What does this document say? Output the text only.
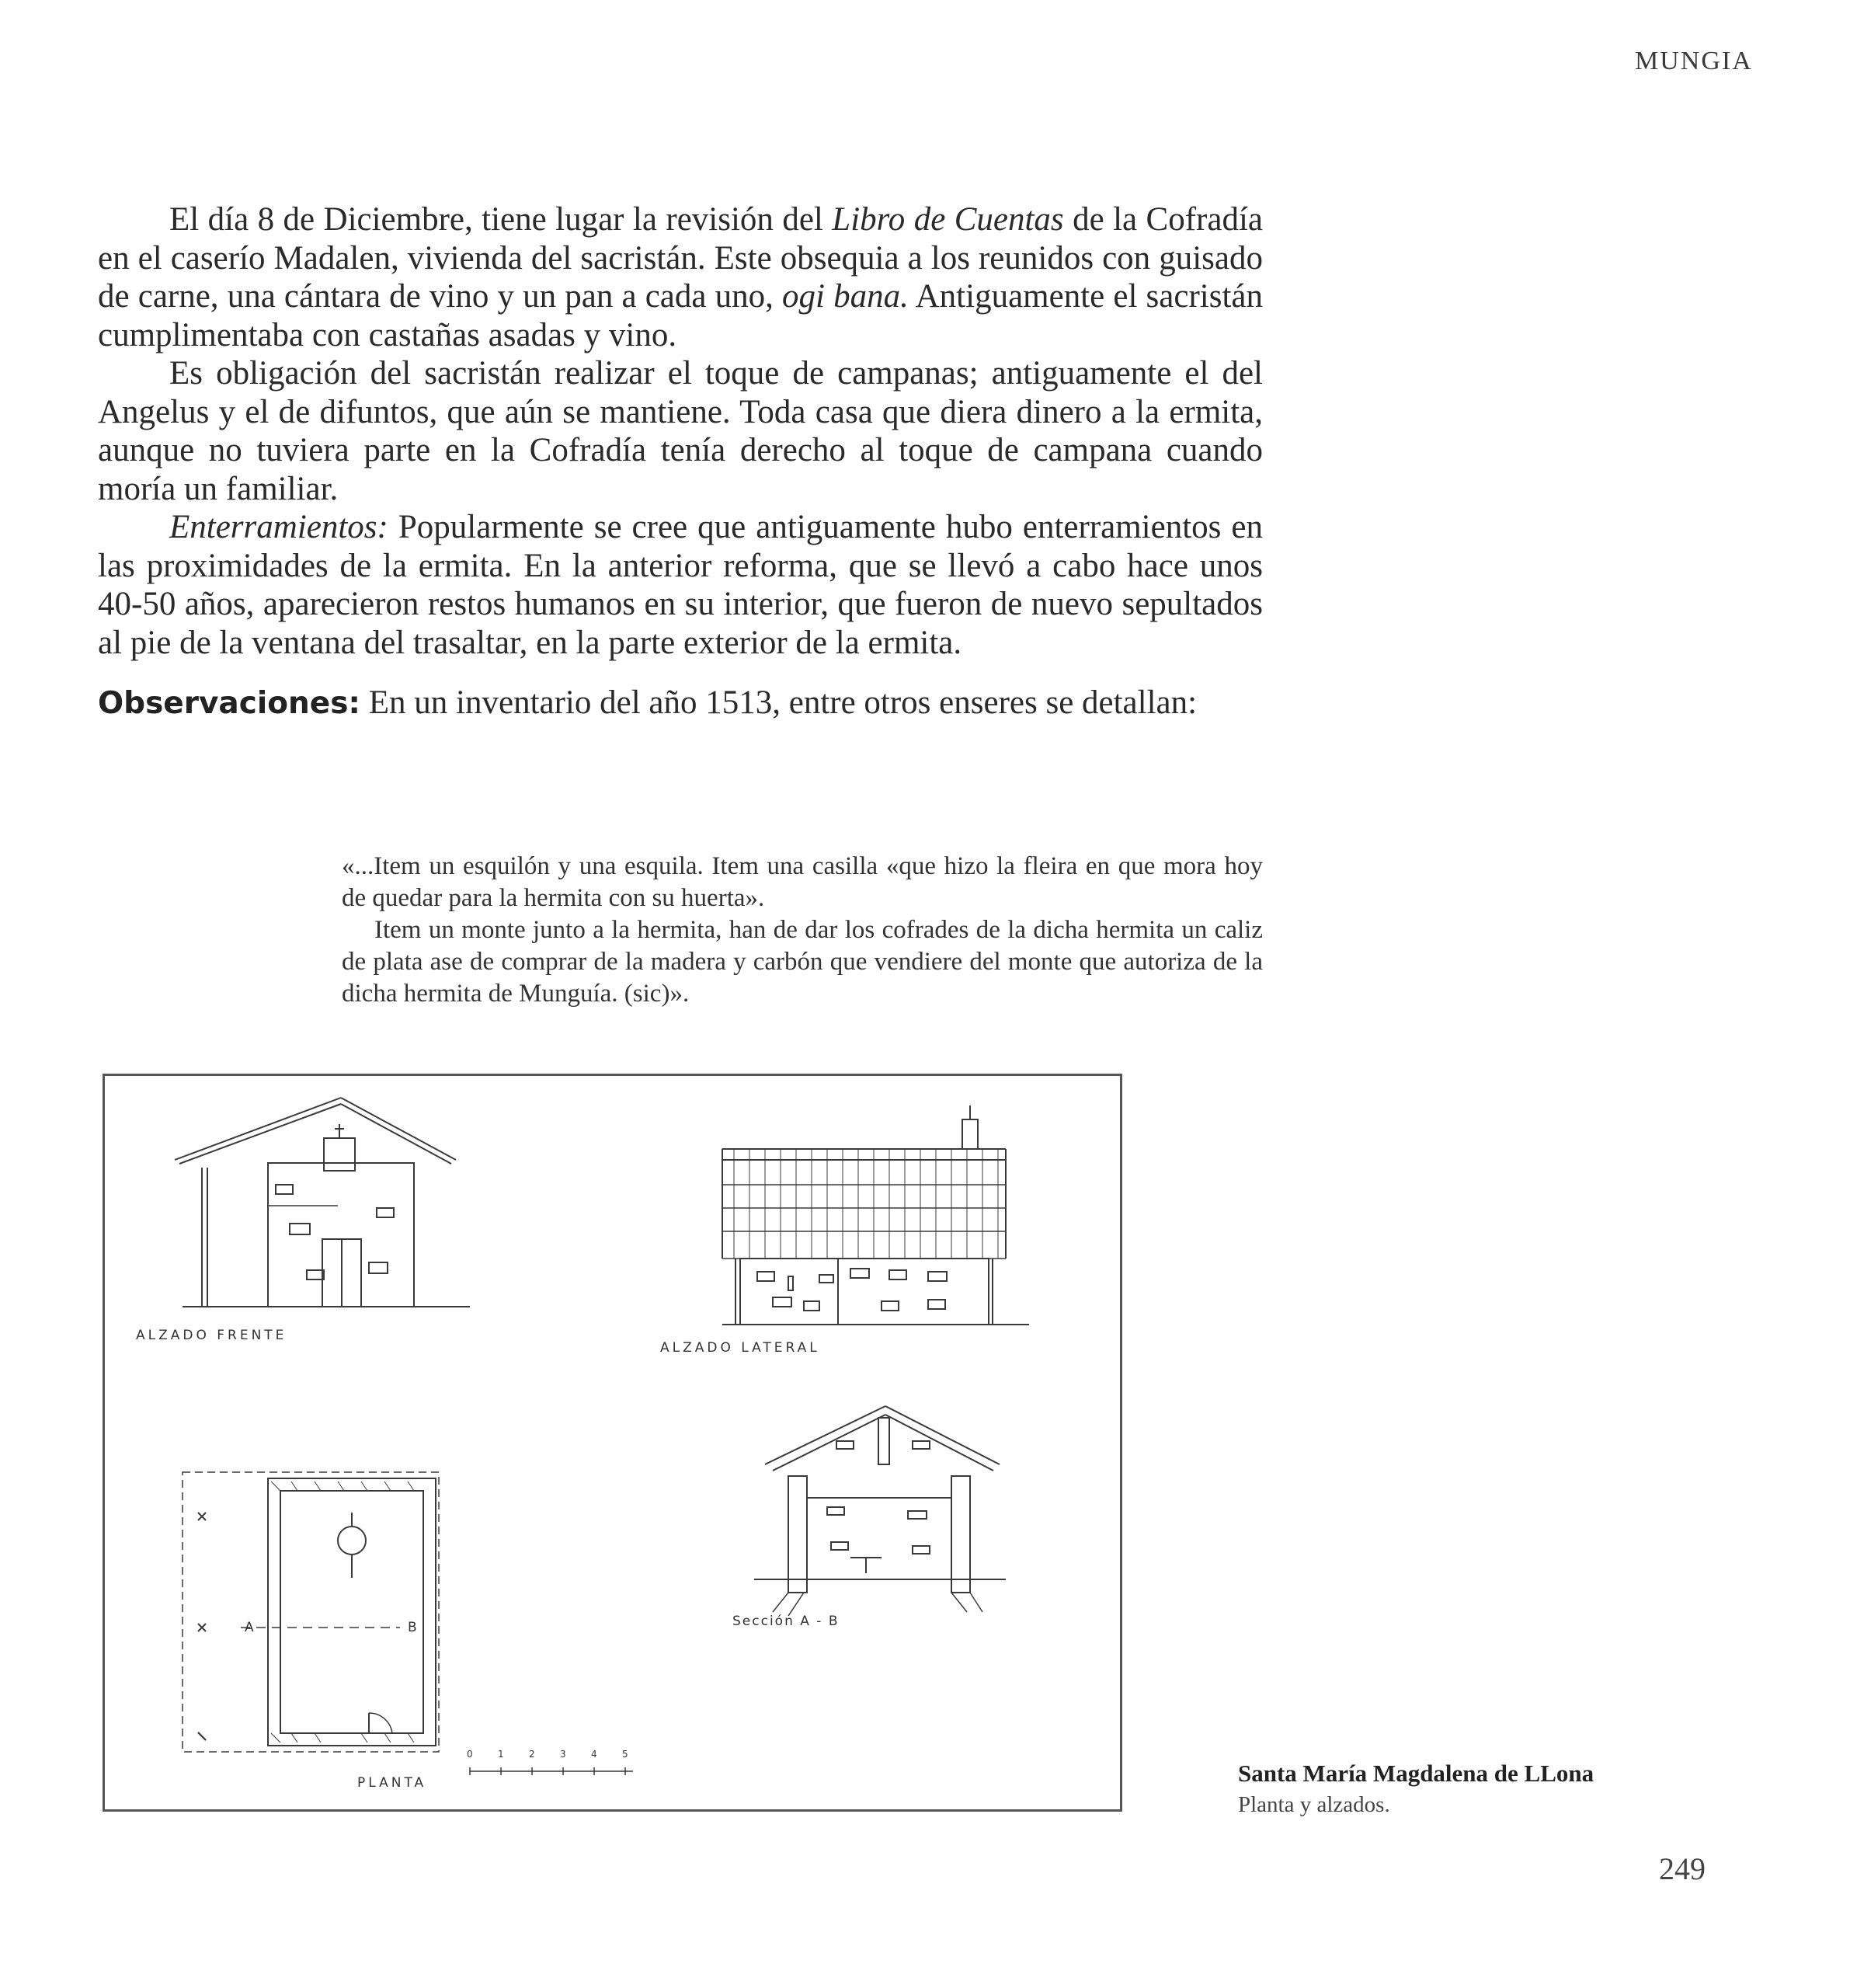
MUNGIA

El día 8 de Diciembre, tiene lugar la revisión del Libro de Cuentas de la Cofradía en el caserío Madalen, vivienda del sacristán. Este obsequia a los reunidos con guisado de carne, una cántara de vino y un pan a cada uno, ogi bana. Antiguamente el sacristán cumplimentaba con castañas asadas y vino.

Es obligación del sacristán realizar el toque de campanas; antiguamente el del Angelus y el de difuntos, que aún se mantiene. Toda casa que diera dinero a la ermita, aunque no tuviera parte en la Cofradía tenía derecho al toque de campana cuando moría un familiar.

Enterramientos: Popularmente se cree que antiguamente hubo enterramientos en las proximidades de la ermita. En la anterior reforma, que se llevó a cabo hace unos 40-50 años, aparecieron restos humanos en su interior, que fueron de nuevo sepultados al pie de la ventana del trasaltar, en la parte exterior de la ermita.

Observaciones: En un inventario del año 1513, entre otros enseres se detallan:

«...Item un esquilón y una esquila. Item una casilla «que hizo la fleira en que mora hoy de quedar para la hermita con su huerta».

Item un monte junto a la hermita, han de dar los cofrades de la dicha hermita un caliz de plata ase de comprar de la madera y carbón que vendiere del monte que autoriza de la dicha hermita de Munguía. (sic)».

ALZADO FRENTE
ALZADO LATERAL
Sección A - B
PLANTA
A	B
0 1 2 3 4 5
Santa María Magdalena de LLona
Planta y alzados.
249
